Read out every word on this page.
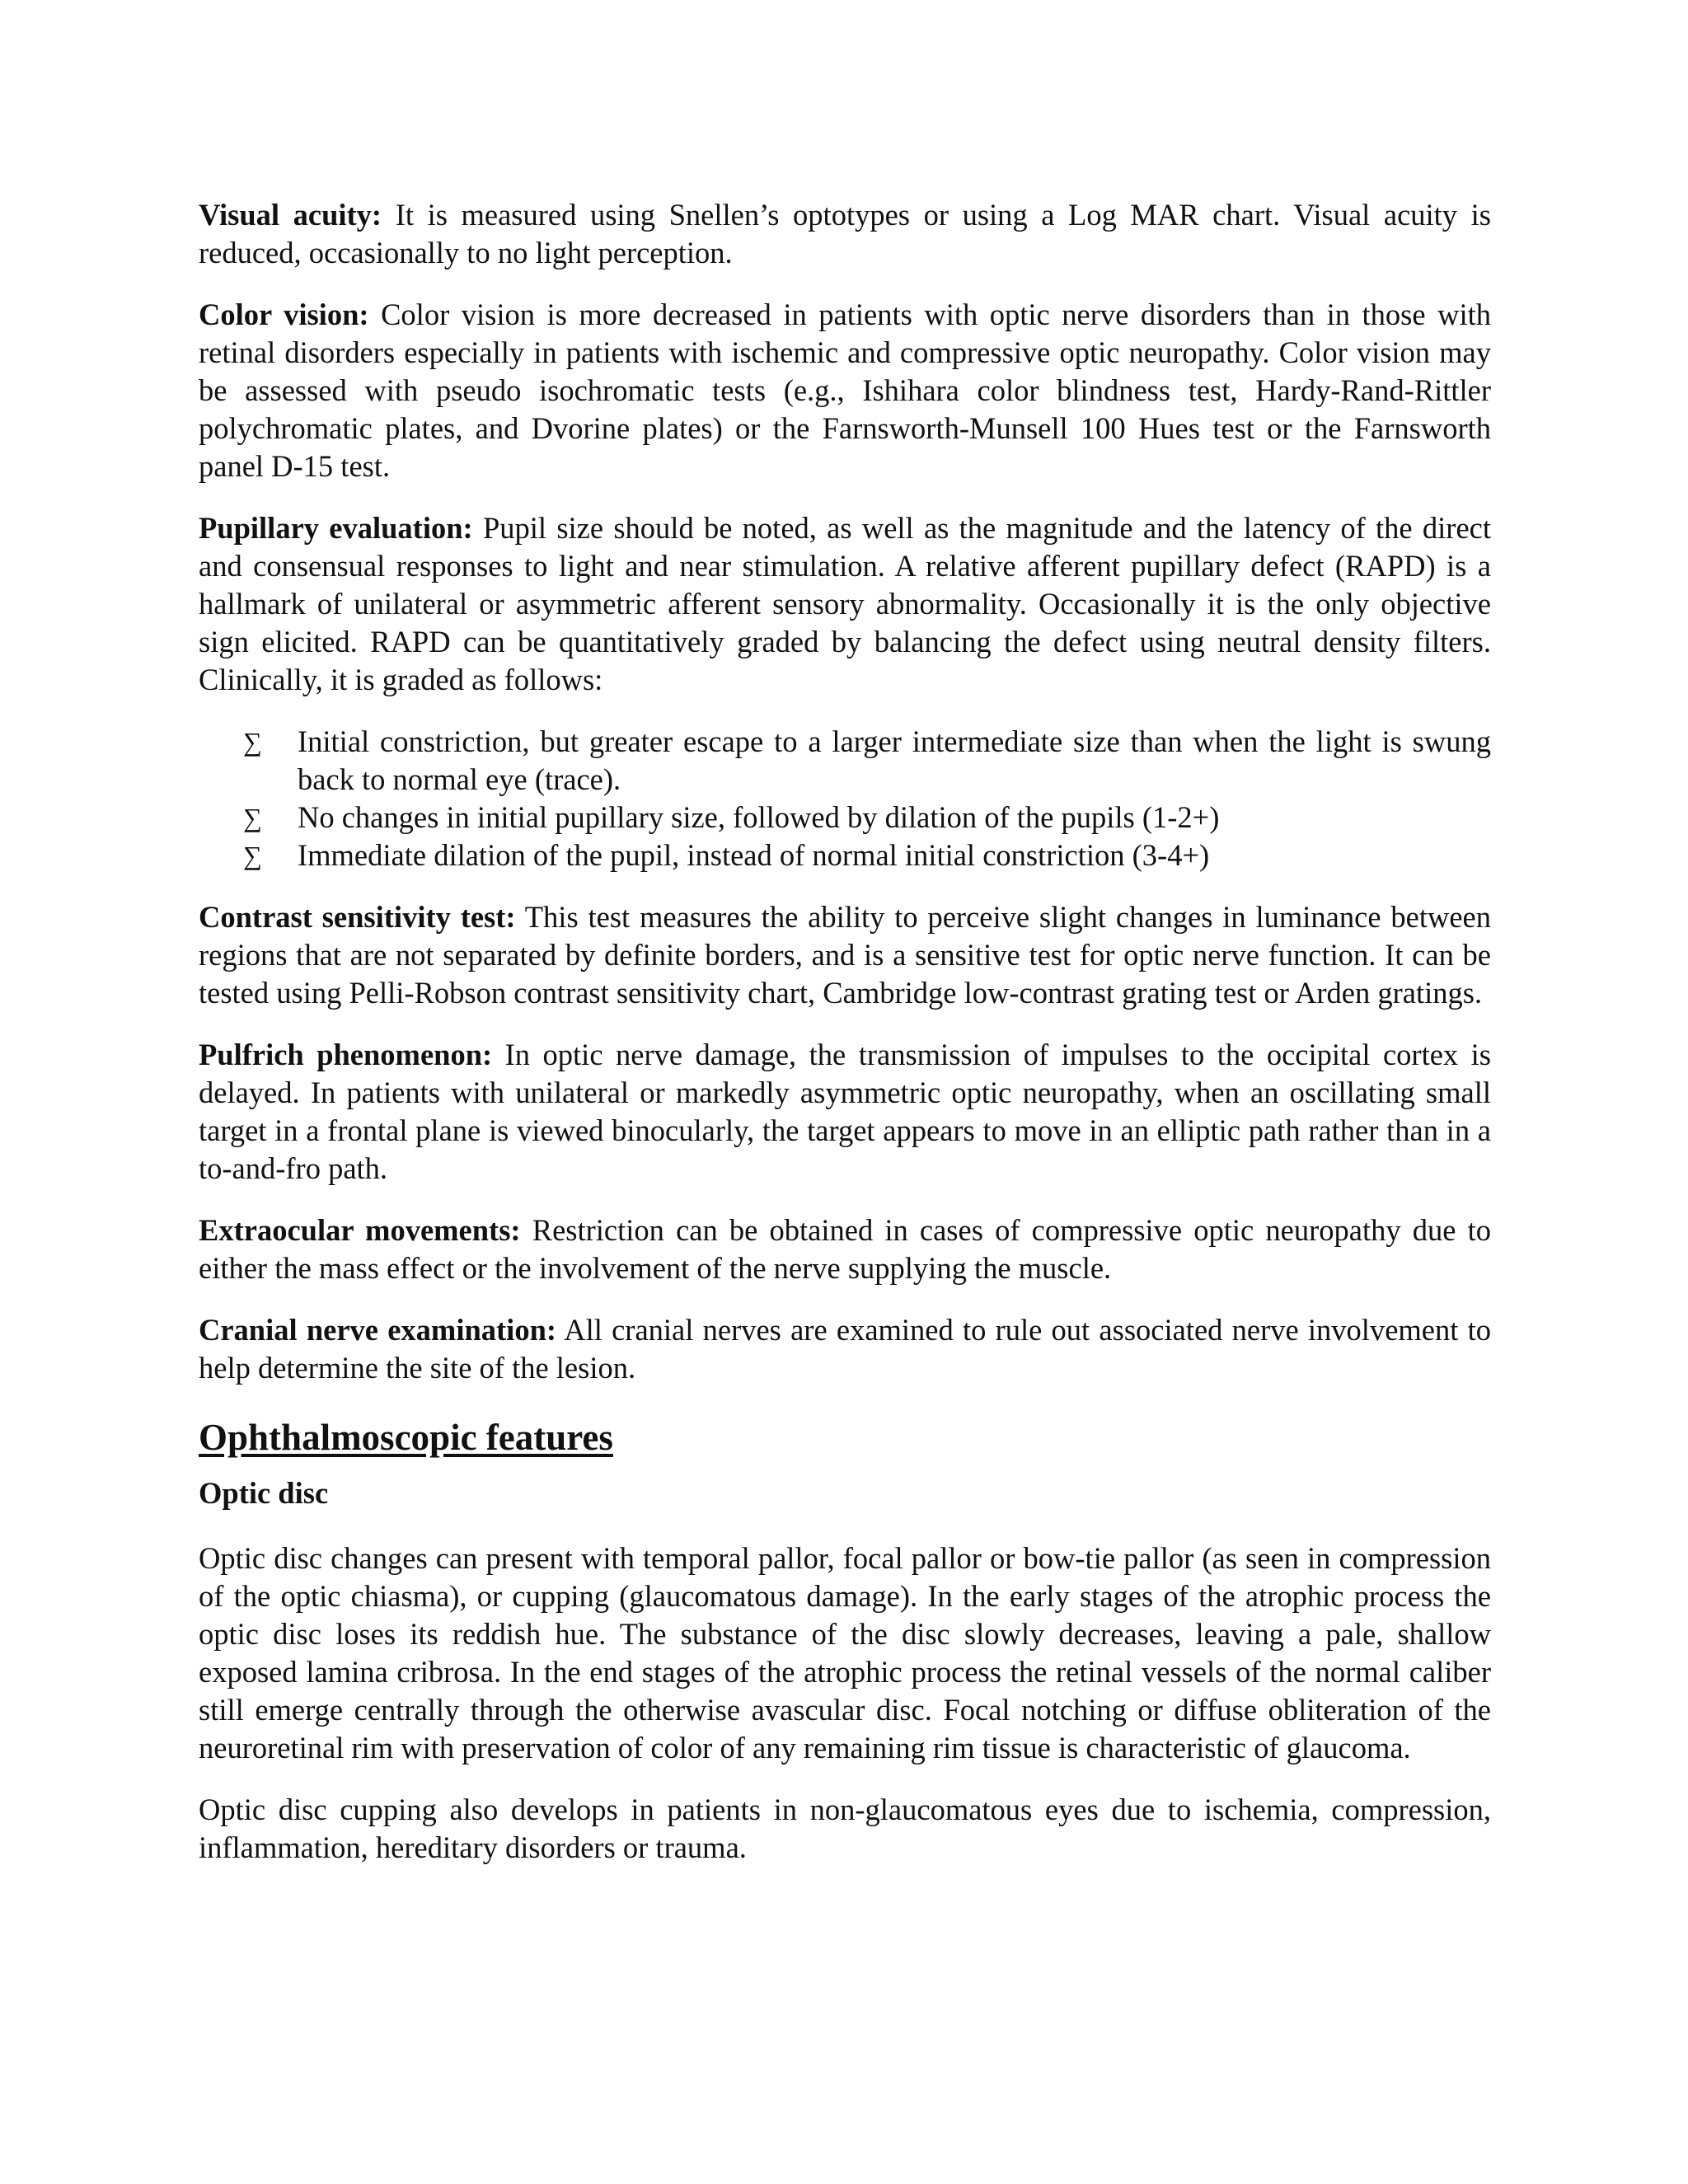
Visual acuity: It is measured using Snellen’s optotypes or using a Log MAR chart. Visual acuity is reduced, occasionally to no light perception.

Color vision: Color vision is more decreased in patients with optic nerve disorders than in those with retinal disorders especially in patients with ischemic and compressive optic neuropathy. Color vision may be assessed with pseudo isochromatic tests (e.g., Ishihara color blindness test, Hardy-Rand-Rittler polychromatic plates, and Dvorine plates) or the Farnsworth-Munsell 100 Hues test or the Farnsworth panel D-15 test.

Pupillary evaluation: Pupil size should be noted, as well as the magnitude and the latency of the direct and consensual responses to light and near stimulation. A relative afferent pupillary defect (RAPD) is a hallmark of unilateral or asymmetric afferent sensory abnormality. Occasionally it is the only objective sign elicited. RAPD can be quantitatively graded by balancing the defect using neutral density filters. Clinically, it is graded as follows:

∑ Initial constriction, but greater escape to a larger intermediate size than when the light is swung back to normal eye (trace).
∑ No changes in initial pupillary size, followed by dilation of the pupils (1-2+)
∑ Immediate dilation of the pupil, instead of normal initial constriction (3-4+)

Contrast sensitivity test: This test measures the ability to perceive slight changes in luminance between regions that are not separated by definite borders, and is a sensitive test for optic nerve function. It can be tested using Pelli-Robson contrast sensitivity chart, Cambridge low-contrast grating test or Arden gratings.

Pulfrich phenomenon: In optic nerve damage, the transmission of impulses to the occipital cortex is delayed. In patients with unilateral or markedly asymmetric optic neuropathy, when an oscillating small target in a frontal plane is viewed binocularly, the target appears to move in an elliptic path rather than in a to-and-fro path.

Extraocular movements: Restriction can be obtained in cases of compressive optic neuropathy due to either the mass effect or the involvement of the nerve supplying the muscle.

Cranial nerve examination: All cranial nerves are examined to rule out associated nerve involvement to help determine the site of the lesion.

Ophthalmoscopic features
Optic disc

Optic disc changes can present with temporal pallor, focal pallor or bow-tie pallor (as seen in compression of the optic chiasma), or cupping (glaucomatous damage). In the early stages of the atrophic process the optic disc loses its reddish hue. The substance of the disc slowly decreases, leaving a pale, shallow exposed lamina cribrosa. In the end stages of the atrophic process the retinal vessels of the normal caliber still emerge centrally through the otherwise avascular disc. Focal notching or diffuse obliteration of the neuroretinal rim with preservation of color of any remaining rim tissue is characteristic of glaucoma.

Optic disc cupping also develops in patients in non-glaucomatous eyes due to ischemia, compression, inflammation, hereditary disorders or trauma.
